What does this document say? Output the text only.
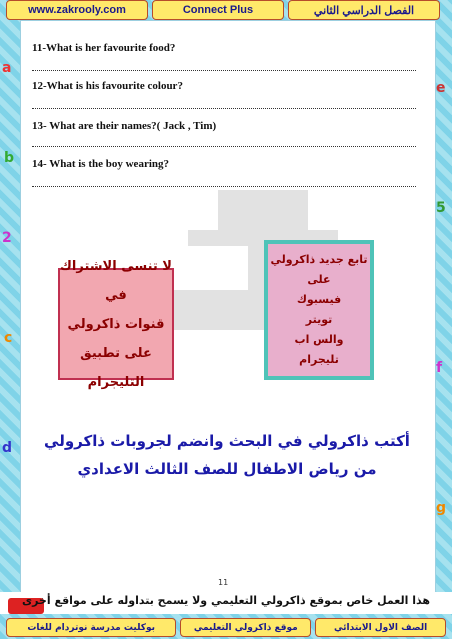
www.zakrooly.com	Connect Plus	الفصل الدراسي الثاني
a
b
2
c
d
e
5
f
g
11-What is her favourite food?
12-What is his favourite colour?
13- What are their names?( Jack , Tim)
14- What is the boy wearing?
لا تنسى الاشتراك في
قنوات ذاكرولي
على تطبيق التليجرام
تابع جديد ذاكرولي على
فيسبوك
تويتر
والس اب
تليجرام
أكتب ذاكرولي في البحث وانضم لجروبات ذاكرولي
من رياض الاطفال للصف الثالث الاعدادي
11
هذا العمل خاص بموقع ذاكرولي التعليمي ولا يسمح بتداوله على مواقع أخرى
الصف الاول الابتدائي
موقع ذاكرولي التعليمي
بوكليت مدرسة نوتردام للغات
